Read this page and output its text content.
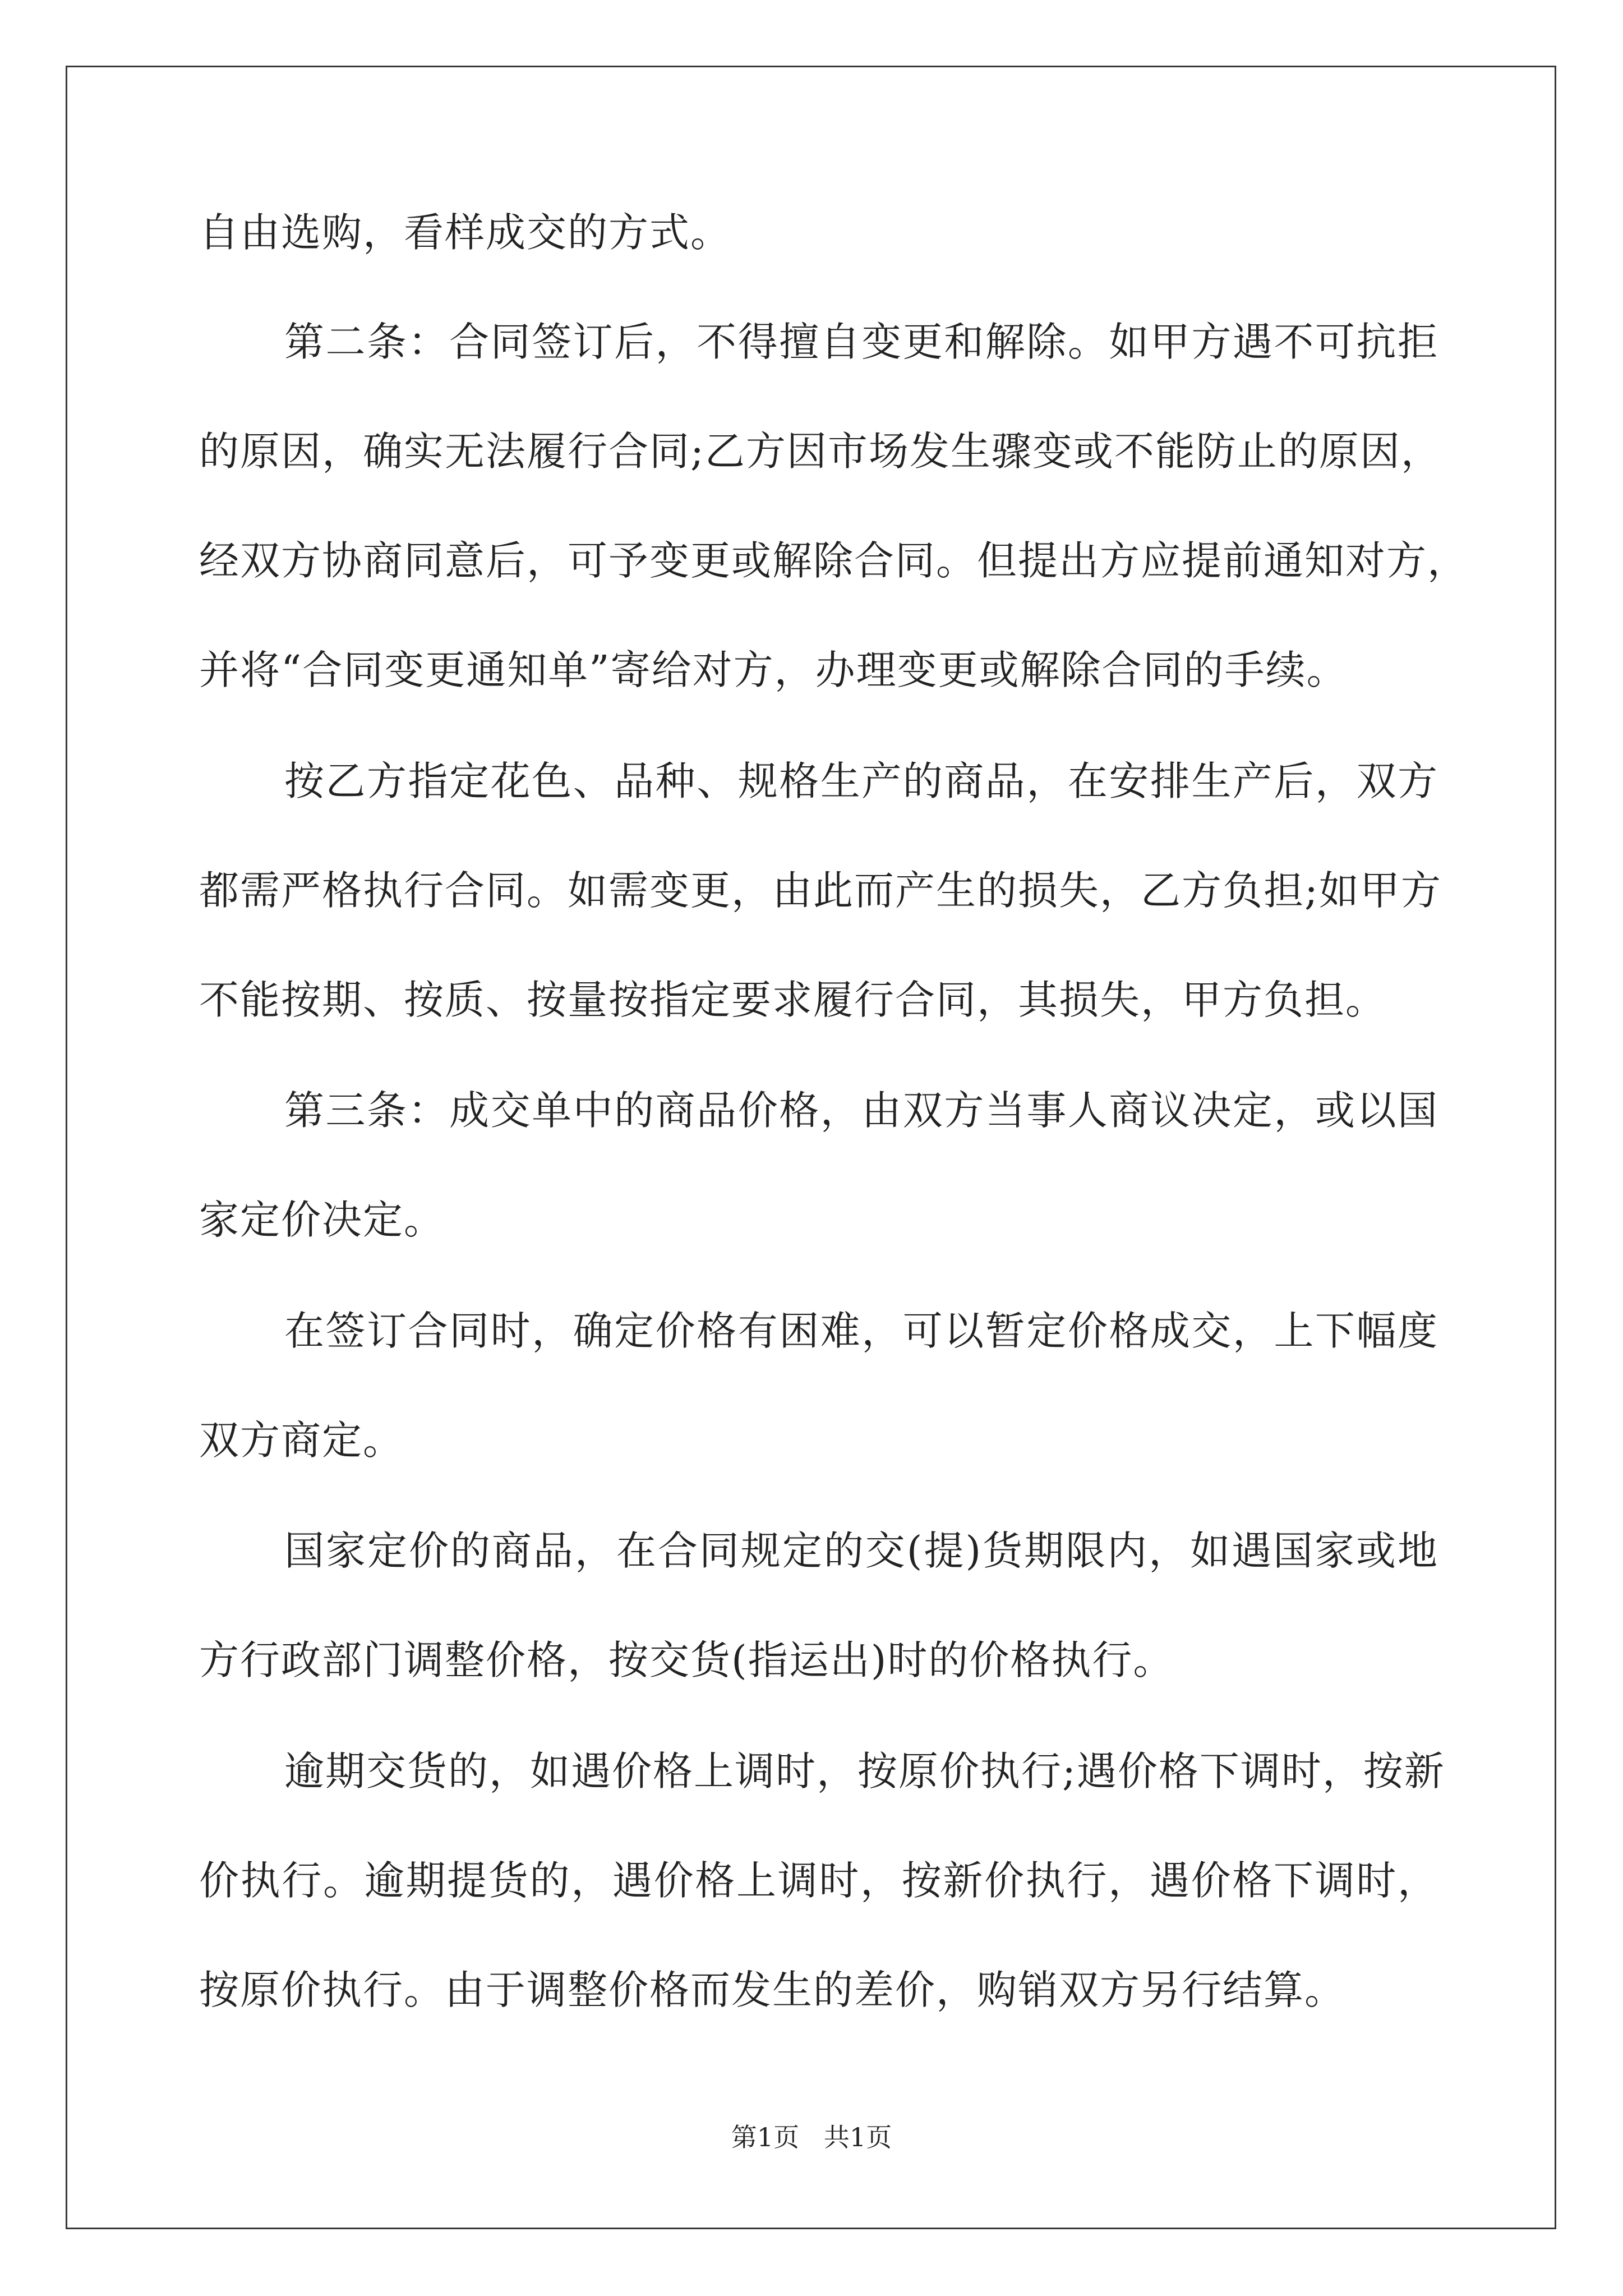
自由选购，看样成交的方式。
第二条：合同签订后，不得擅自变更和解除。如甲方遇不可抗拒
的原因，确实无法履行合同;乙方因市场发生骤变或不能防止的原因，
经双方协商同意后，可予变更或解除合同。但提出方应提前通知对方，
并将“合同变更通知单”寄给对方，办理变更或解除合同的手续。
按乙方指定花色、品种、规格生产的商品，在安排生产后，双方
都需严格执行合同。如需变更，由此而产生的损失，乙方负担;如甲方
不能按期、按质、按量按指定要求履行合同，其损失，甲方负担。
第三条：成交单中的商品价格，由双方当事人商议决定，或以国
家定价决定。
在签订合同时，确定价格有困难，可以暂定价格成交，上下幅度
双方商定。
国家定价的商品，在合同规定的交(提)货期限内，如遇国家或地
方行政部门调整价格，按交货(指运出)时的价格执行。
逾期交货的，如遇价格上调时，按原价执行;遇价格下调时，按新
价执行。逾期提货的，遇价格上调时，按新价执行，遇价格下调时，
按原价执行。由于调整价格而发生的差价，购销双方另行结算。
第1页   共1页
